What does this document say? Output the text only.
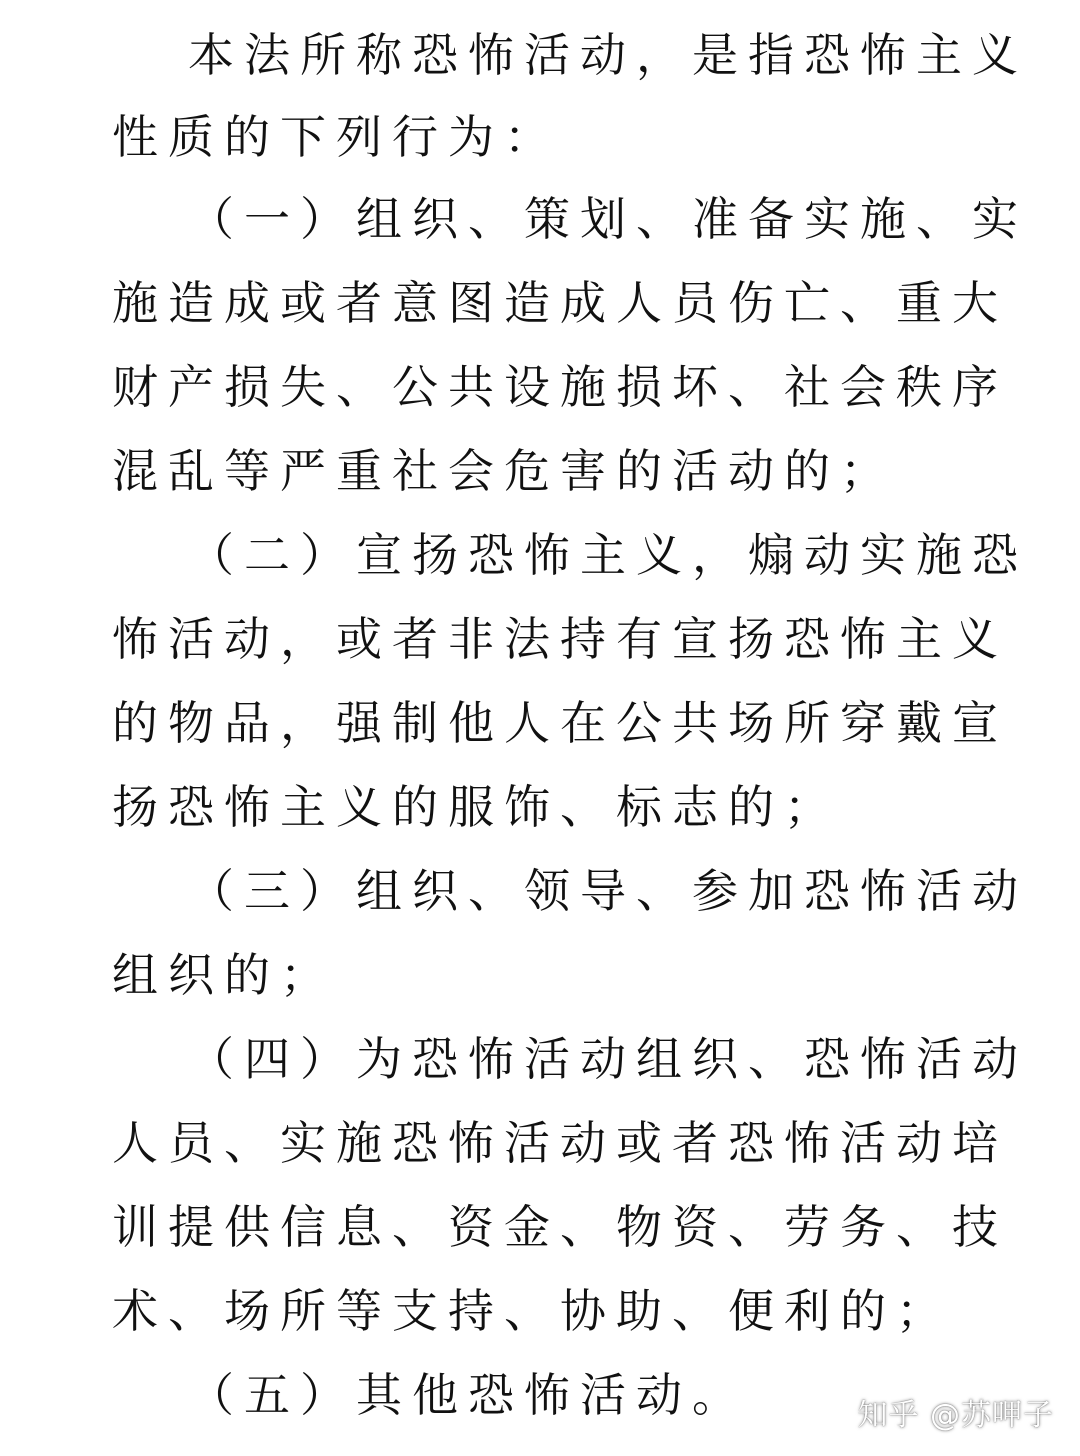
本法所称恐怖活动，是指恐怖主义

性质的下列行为：

（一）组织、策划、准备实施、实

施造成或者意图造成人员伤亡、重大

财产损失、公共设施损坏、社会秩序

混乱等严重社会危害的活动的；

（二）宣扬恐怖主义，煽动实施恐

怖活动，或者非法持有宣扬恐怖主义

的物品，强制他人在公共场所穿戴宣

扬恐怖主义的服饰、标志的；

（三）组织、领导、参加恐怖活动

组织的；

（四）为恐怖活动组织、恐怖活动

人员、实施恐怖活动或者恐怖活动培

训提供信息、资金、物资、劳务、技

术、场所等支持、协助、便利的；

（五）其他恐怖活动。	知乎 @苏呷子
